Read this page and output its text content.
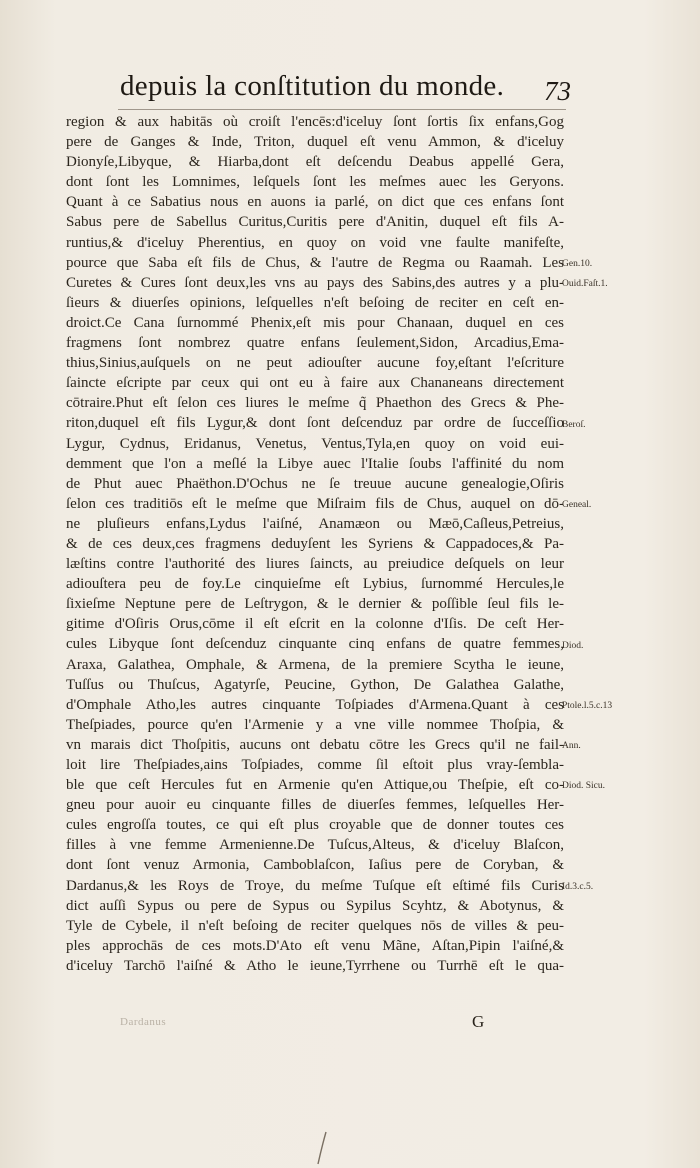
depuis la conſtitution du monde. 73
region & aux habitās où croiſt l'encēs:d'iceluy ſont ſortis ſix enfans,Gog
pere de Ganges & Inde, Triton, duquel eſt venu Ammon, & d'iceluy
Dionyſe,Libyque, & Hiarba,dont eſt deſcendu Deabus appellé Gera,
dont ſont les Lomnimes, leſquels ſont les meſmes auec les Geryons.
Quant à ce Sabatius nous en auons ia parlé, on dict que ces enfans ſont
Sabus pere de Sabellus Curitus,Curitis pere d'Anitin, duquel eſt fils A-
runtius,& d'iceluy Pherentius, en quoy on void vne faulte manifeſte,
pource que Saba eſt fils de Chus, & l'autre de Regma ou Raamah. Les
Curetes & Cures ſont deux,les vns au pays des Sabins,des autres y a plu-
ſieurs & diuerſes opinions, leſquelles n'eſt beſoing de reciter en ceſt en-
droict.Ce Cana ſurnommé Phenix,eſt mis pour Chanaan, duquel en ces
fragmens ſont nombrez quatre enfans ſeulement,Sidon, Arcadius,Ema-
thius,Sinius,auſquels on ne peut adiouſter aucune foy,eſtant l'eſcriture
ſaincte eſcripte par ceux qui ont eu à faire aux Chananeans directement
cōtraire.Phut eſt ſelon ces liures le meſme q̃ Phaethon des Grecs & Phe-
riton,duquel eſt fils Lygur,& dont ſont deſcenduz par ordre de ſucceſſio
Lygur, Cydnus, Eridanus, Venetus, Ventus,Tyla,en quoy on void eui-
demment que l'on a meſlé la Libye auec l'Italie ſoubs l'affinité du nom
de Phut auec Phaëthon.D'Ochus ne ſe treuue aucune genealogie,Oſiris
ſelon ces traditiōs eſt le meſme que Miſraim fils de Chus, auquel on dō-
ne pluſieurs enfans,Lydus l'aiſné, Anamæon ou Mæō,Caſleus,Petreius,
& de ces deux,ces fragmens deduyſent les Syriens & Cappadoces,& Pa-
læſtins contre l'authorité des liures ſaincts, au preiudice deſquels on leur
adiouſtera peu de foy.Le cinquieſme eſt Lybius, ſurnommé Hercules,le
ſixieſme Neptune pere de Leſtrygon, & le dernier & poſſible ſeul fils le-
gitime d'Oſiris Orus,cōme il eſt eſcrit en la colonne d'Iſis. De ceſt Her-
cules Libyque ſont deſcenduz cinquante cinq enfans de quatre femmes,
Araxa, Galathea, Omphale, & Armena, de la premiere Scytha le ieune,
Tuſſus ou Thuſcus, Agatyrſe, Peucine, Gython, De Galathea Galathe,
d'Omphale Atho,les autres cinquante Toſpiades d'Armena.Quant à ces
Theſpiades, pource qu'en l'Armenie y a vne ville nommee Thoſpia, &
vn marais dict Thoſpitis, aucuns ont debatu cōtre les Grecs qu'il ne fail-
loit lire Theſpiades,ains Toſpiades, comme ſil eſtoit plus vray-ſembla-
ble que ceſt Hercules fut en Armenie qu'en Attique,ou Theſpie, eſt co-
gneu pour auoir eu cinquante filles de diuerſes femmes, leſquelles Her-
cules engroſſa toutes, ce qui eſt plus croyable que de donner toutes ces
filles à vne femme Armenienne.De Tuſcus,Alteus, & d'iceluy Blaſcon,
dont ſont venuz Armonia, Camboblaſcon, Iaſius pere de Coryban, &
Dardanus,& les Roys de Troye, du meſme Tuſque eſt eſtimé fils Curis
dict auſſi Sypus ou pere de Sypus ou Sypilus Scyhtz, & Abotynus, &
Tyle de Cybele, il n'eſt beſoing de reciter quelques nōs de villes & peu-
ples approchās de ces mots.D'Ato eſt venu Mãne, Aſtan,Pipin l'aiſné,&
d'iceluy Tarchō l'aiſné & Atho le ieune,Tyrrhene ou Turrhē eſt le qua-
Gen.10.
Ouid.Faſt.1.
Beroſ.
Geneal.
Diod.
Ptole.l.5.c.13
Ann.
Diod. Sicu.
Id.3.c.5.
Dardanus	G
